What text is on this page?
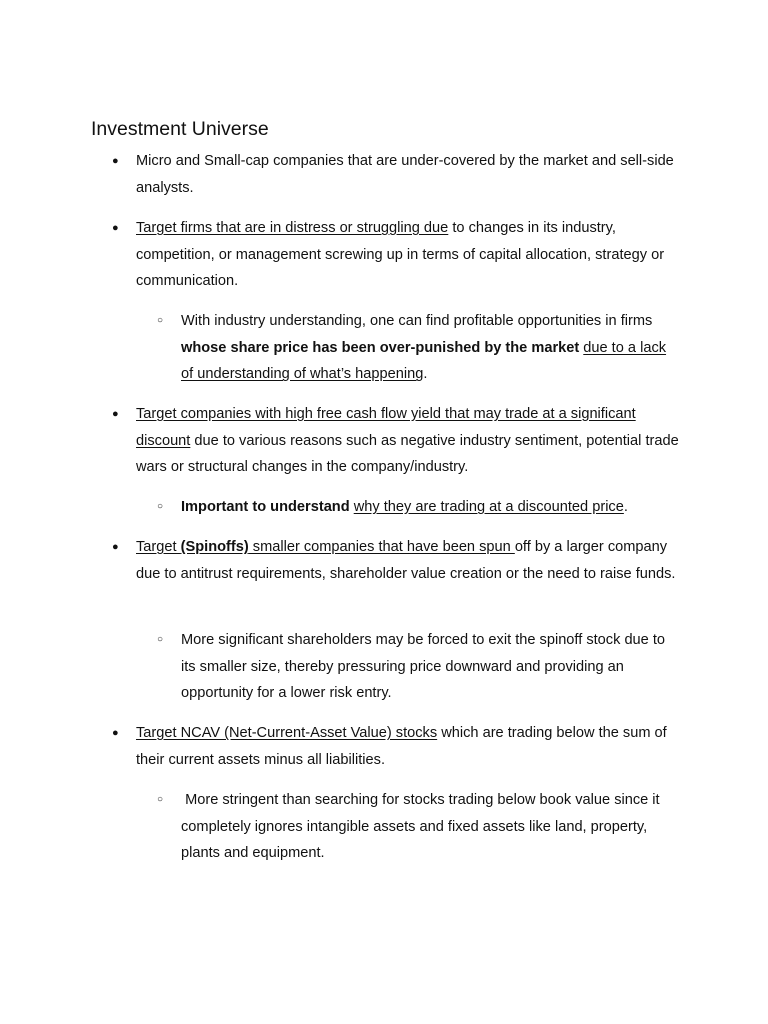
Investment Universe
● Micro and Small-cap companies that are under-covered by the market and sell-side analysts.
● Target firms that are in distress or struggling due to changes in its industry, competition, or management screwing up in terms of capital allocation, strategy or communication.
○ With industry understanding, one can find profitable opportunities in firms whose share price has been over-punished by the market due to a lack of understanding of what’s happening.
● Target companies with high free cash flow yield that may trade at a significant discount due to various reasons such as negative industry sentiment, potential trade wars or structural changes in the company/industry.
○ Important to understand why they are trading at a discounted price.
● Target (Spinoffs) smaller companies that have been spun off by a larger company due to antitrust requirements, shareholder value creation or the need to raise funds.
○ More significant shareholders may be forced to exit the spinoff stock due to its smaller size, thereby pressuring price downward and providing an opportunity for a lower risk entry.
● Target NCAV (Net-Current-Asset Value) stocks which are trading below the sum of their current assets minus all liabilities.
○ More stringent than searching for stocks trading below book value since it completely ignores intangible assets and fixed assets like land, property, plants and equipment.
